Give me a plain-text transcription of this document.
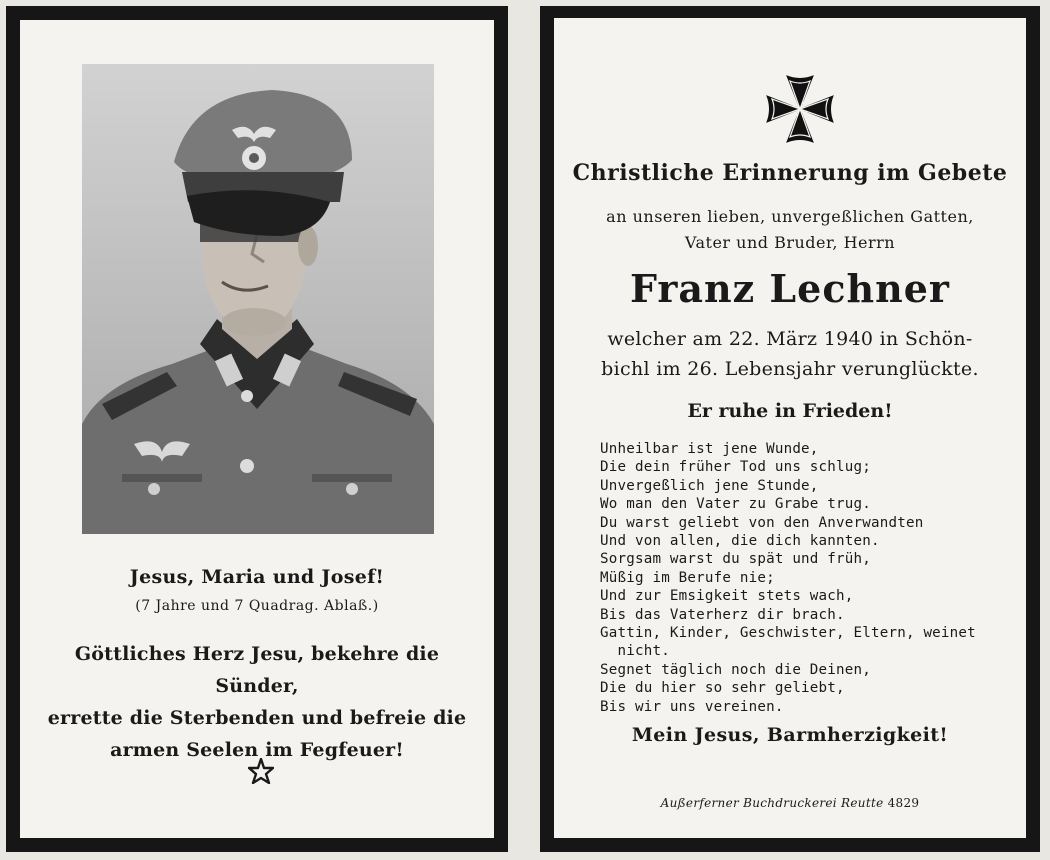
Jesus, Maria und Josef!
(7 Jahre und 7 Quadrag. Ablaß.)
Göttliches Herz Jesu, bekehre die Sünder,
errette die Sterbenden und befreie die
armen Seelen im Fegfeuer!
1939
Christliche Erinnerung im Gebete
an unseren lieben, unvergeßlichen Gatten,
Vater und Bruder, Herrn
Franz Lechner
welcher am 22. März 1940 in Schön-
bichl im 26. Lebensjahr verunglückte.
Er ruhe in Frieden!
Unheilbar ist jene Wunde,
Die dein früher Tod uns schlug;
Unvergeßlich jene Stunde,
Wo man den Vater zu Grabe trug.
Du warst geliebt von den Anverwandten
Und von allen, die dich kannten.
Sorgsam warst du spät und früh,
Müßig im Berufe nie;
Und zur Emsigkeit stets wach,
Bis das Vaterherz dir brach.
Gattin, Kinder, Geschwister, Eltern, weinet
nicht.
Segnet täglich noch die Deinen,
Die du hier so sehr geliebt,
Bis wir uns vereinen.
Mein Jesus, Barmherzigkeit!
Außerferner Buchdruckerei Reutte 4829
